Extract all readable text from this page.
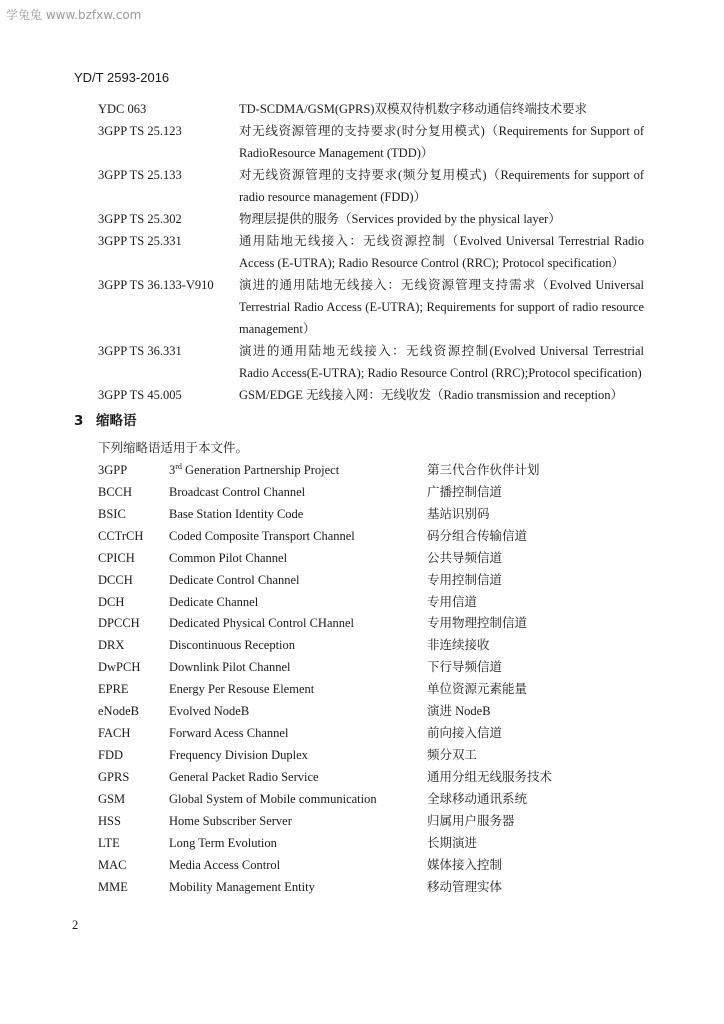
学兔兔 www.bzfxw.com
YD/T 2593-2016
YDC 063	TD-SCDMA/GSM(GPRS)双模双待机数字移动通信终端技术要求
3GPP TS 25.123	对无线资源管理的支持要求(时分复用模式)（Requirements for Support of RadioResource Management (TDD)）
3GPP TS 25.133	对无线资源管理的支持要求(频分复用模式)（Requirements for support of radio resource management (FDD)）
3GPP TS 25.302	物理层提供的服务（Services provided by the physical layer）
3GPP TS 25.331	通用陆地无线接入：无线资源控制（Evolved Universal Terrestrial Radio Access (E-UTRA); Radio Resource Control (RRC); Protocol specification）
3GPP TS 36.133-V910	演进的通用陆地无线接入：无线资源管理支持需求（Evolved Universal Terrestrial Radio Access (E-UTRA); Requirements for support of radio resource management）
3GPP TS 36.331	演进的通用陆地无线接入：无线资源控制(Evolved Universal Terrestrial Radio Access(E-UTRA); Radio Resource Control (RRC);Protocol specification)
3GPP TS 45.005	GSM/EDGE 无线接入网：无线收发（Radio transmission and reception）
3 缩略语
下列缩略语适用于本文件。
3GPP	3rd Generation Partnership Project	第三代合作伙伴计划
BCCH	Broadcast Control Channel	广播控制信道
BSIC	Base Station Identity Code	基站识别码
CCTrCH	Coded Composite Transport Channel	码分组合传输信道
CPICH	Common Pilot Channel	公共导频信道
DCCH	Dedicate Control Channel	专用控制信道
DCH	Dedicate Channel	专用信道
DPCCH	Dedicated Physical Control CHannel	专用物理控制信道
DRX	Discontinuous Reception	非连续接收
DwPCH	Downlink Pilot Channel	下行导频信道
EPRE	Energy Per Resouse Element	单位资源元素能量
eNodeB	Evolved NodeB	演进 NodeB
FACH	Forward Acess Channel	前向接入信道
FDD	Frequency Division Duplex	频分双工
GPRS	General Packet Radio Service	通用分组无线服务技术
GSM	Global System of Mobile communication	全球移动通讯系统
HSS	Home Subscriber Server	归属用户服务器
LTE	Long Term Evolution	长期演进
MAC	Media Access Control	媒体接入控制
MME	Mobility Management Entity	移动管理实体
2
